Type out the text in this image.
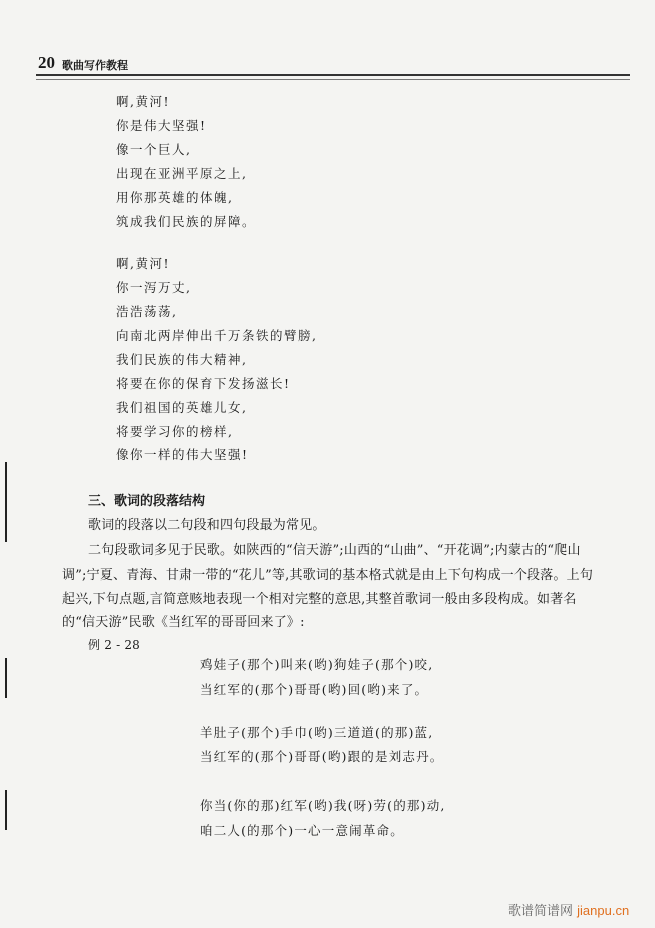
20 歌曲写作教程
啊,黄河!
你是伟大坚强!
像一个巨人,
出现在亚洲平原之上,
用你那英雄的体魄,
筑成我们民族的屏障。
啊,黄河!
你一泻万丈,
浩浩荡荡,
向南北两岸伸出千万条铁的臂膀,
我们民族的伟大精神,
将要在你的保育下发扬滋长!
我们祖国的英雄儿女,
将要学习你的榜样,
像你一样的伟大坚强!
三、歌词的段落结构
歌词的段落以二句段和四句段最为常见。
二句段歌词多见于民歌。如陕西的“信天游”;山西的“山曲”、“开花调”;内蒙古的“爬山
调”;宁夏、青海、甘肃一带的“花儿”等,其歌词的基本格式就是由上下句构成一个段落。上句
起兴,下句点题,言简意赅地表现一个相对完整的意思,其整首歌词一般由多段构成。如著名
的“信天游”民歌《当红军的哥哥回来了》:
例 2 - 28
鸡娃子(那个)叫来(哟)狗娃子(那个)咬,
当红军的(那个)哥哥(哟)回(哟)来了。
羊肚子(那个)手巾(哟)三道道(的那)蓝,
当红军的(那个)哥哥(哟)跟的是刘志丹。
你当(你的那)红军(哟)我(呀)劳(的那)动,
咱二人(的那个)一心一意闹革命。
歌谱简谱网 jianpu.cn
